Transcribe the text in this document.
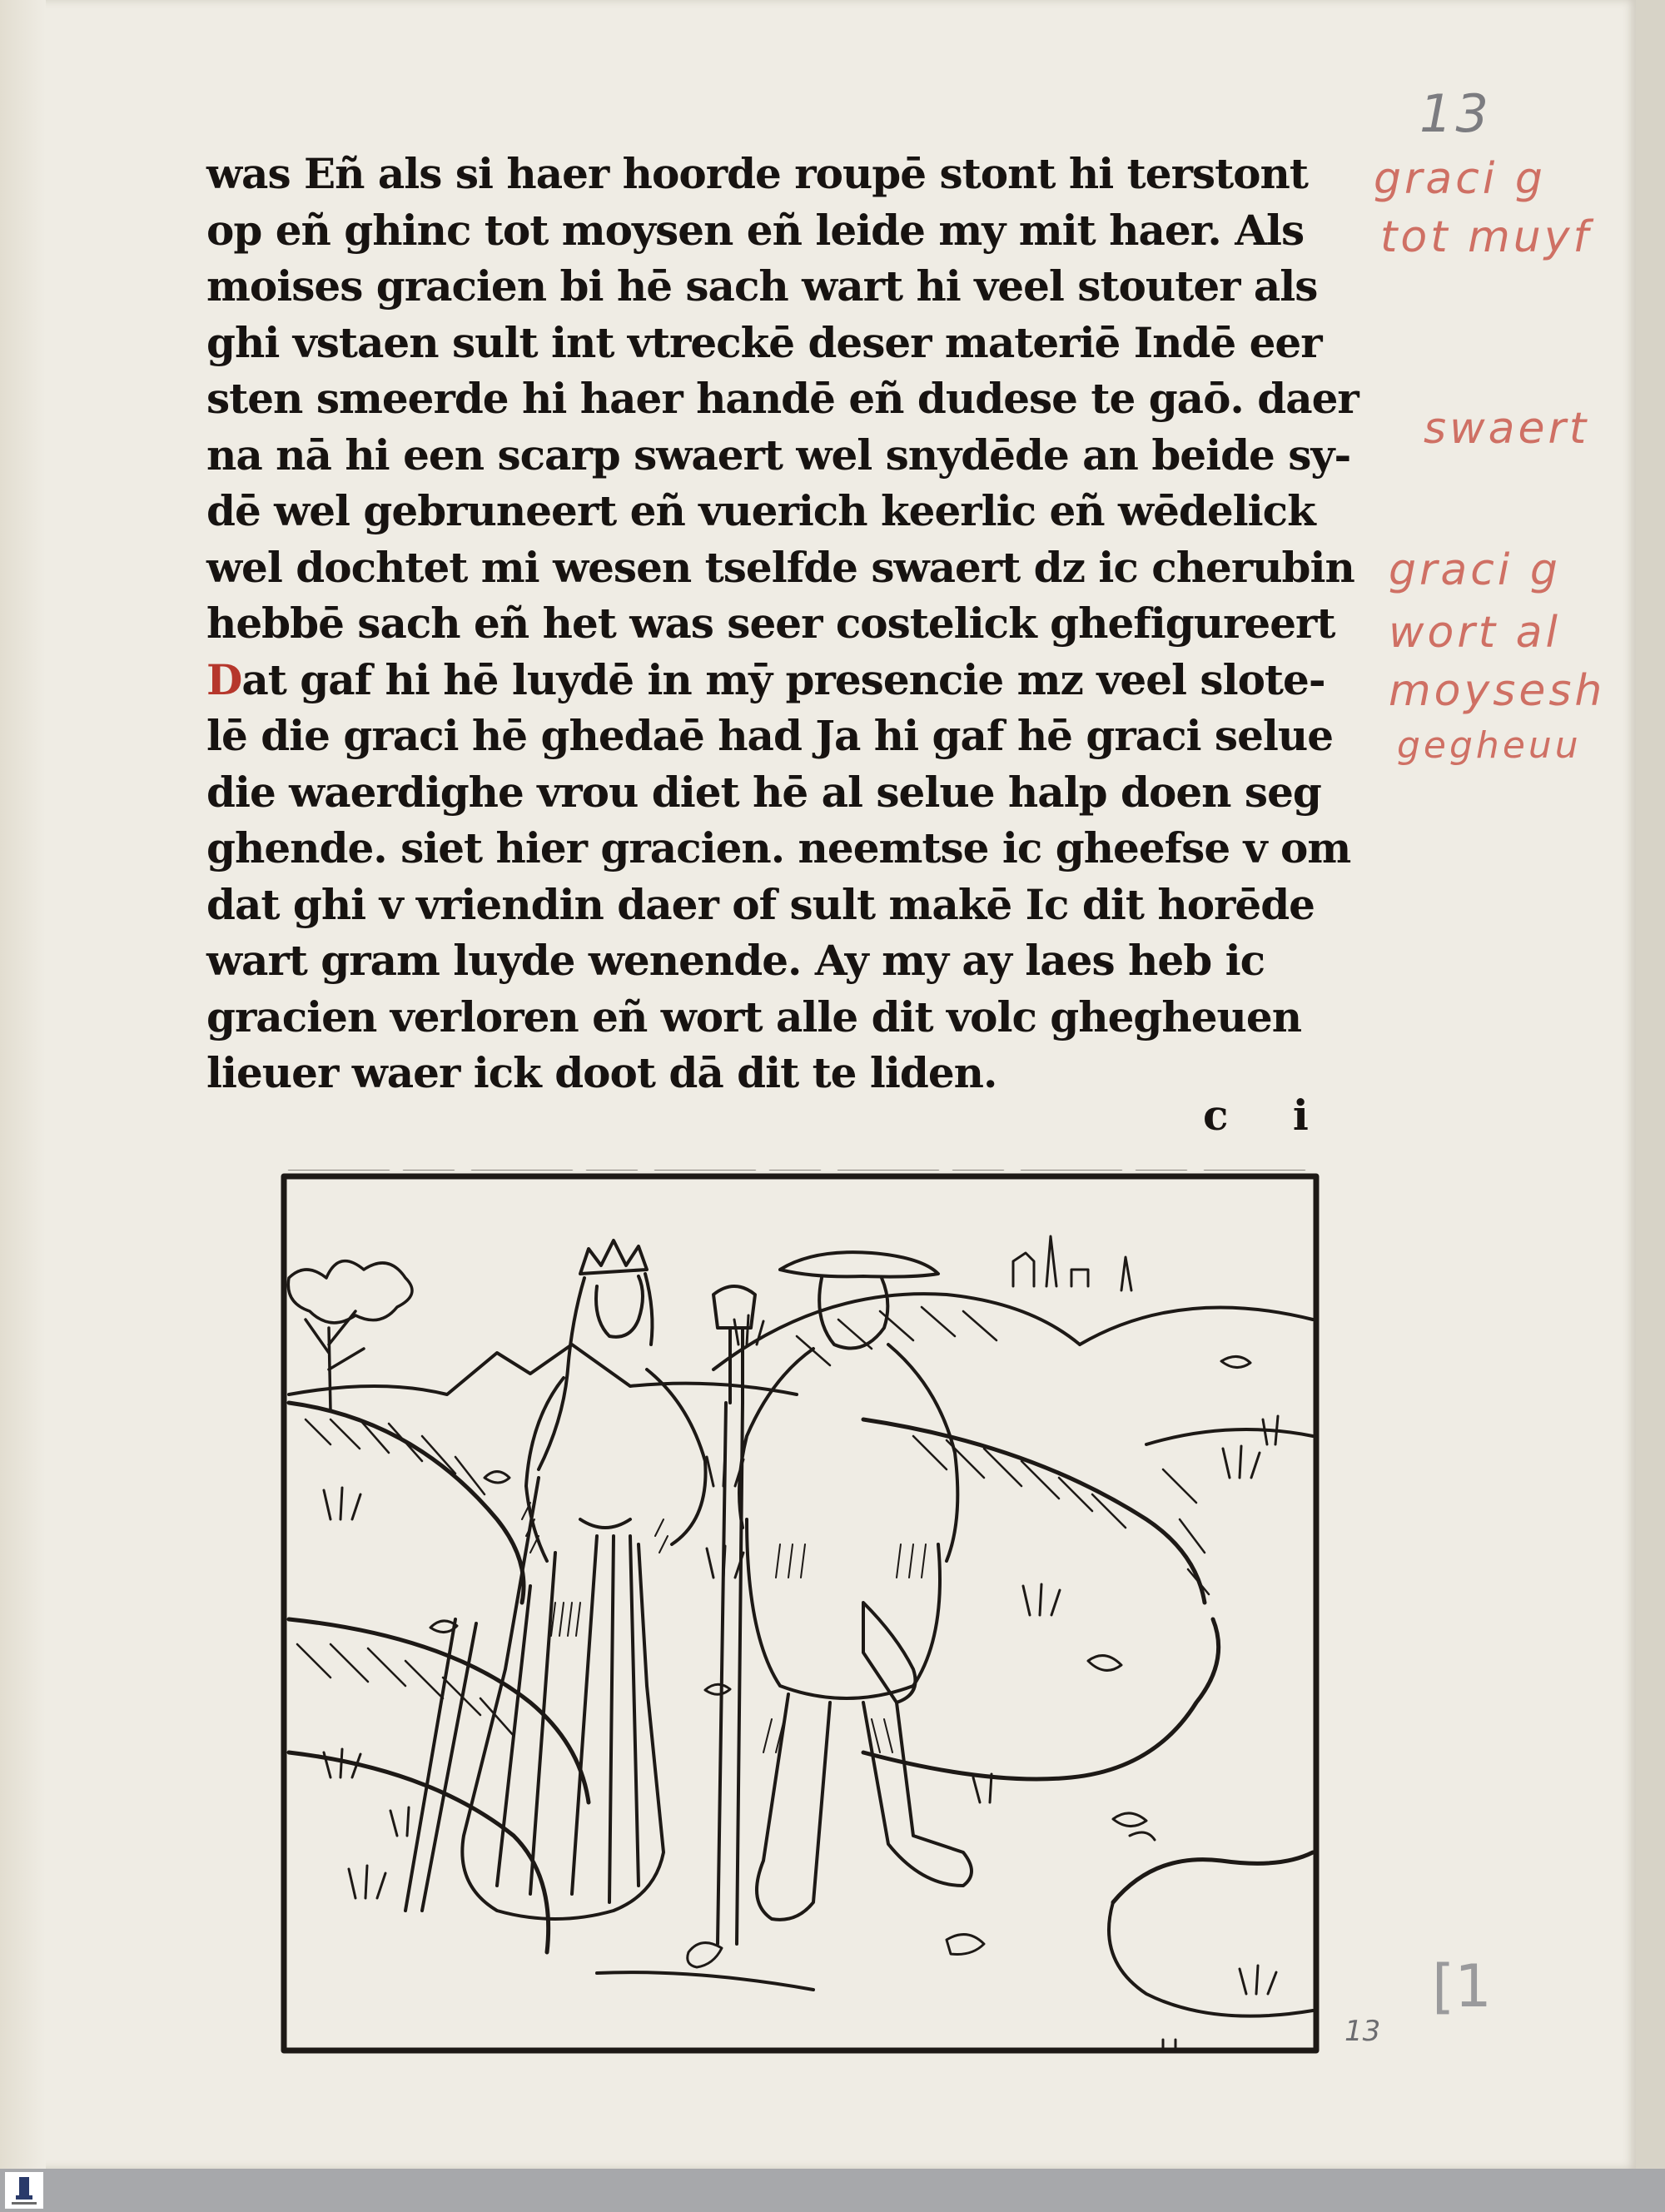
13
was Eñ als si haer hoorde roupē stont hi terstont
op eñ ghinc tot moysen eñ leide my mit haer. Als
moises gracien bi hē sach wart hi veel stouter als
ghi vstaen sult int vtreckē deser materiē Indē eer
sten smeerde hi haer handē eñ dudese te gaō. daer
na nā hi een scarp swaert wel snydēde an beide sy-
dē wel gebruneert eñ vuerich keerlic eñ wēdelick
wel dochtet mi wesen tselfde swaert dz ic cherubin
hebbē sach eñ het was seer costelick ghefigureert
Dat gaf hi hē luydē in mȳ presencie mz veel slote-
lē die graci hē ghedaē had Ja hi gaf hē graci selue
die waerdighe vrou diet hē al selue halp doen seg
ghende. siet hier gracien. neemtse ic gheefse v om
dat ghi v vriendin daer of sult makē Ic dit horēde
wart gram luyde wenende. Ay my ay laes heb ic
gracien verloren eñ wort alle dit volc ghegheuen
lieuer waer ick doot dā dit te liden.
c i
graci g
tot muyf
swaert
graci g
wort al
moysesh
gegheuu
13
[1
